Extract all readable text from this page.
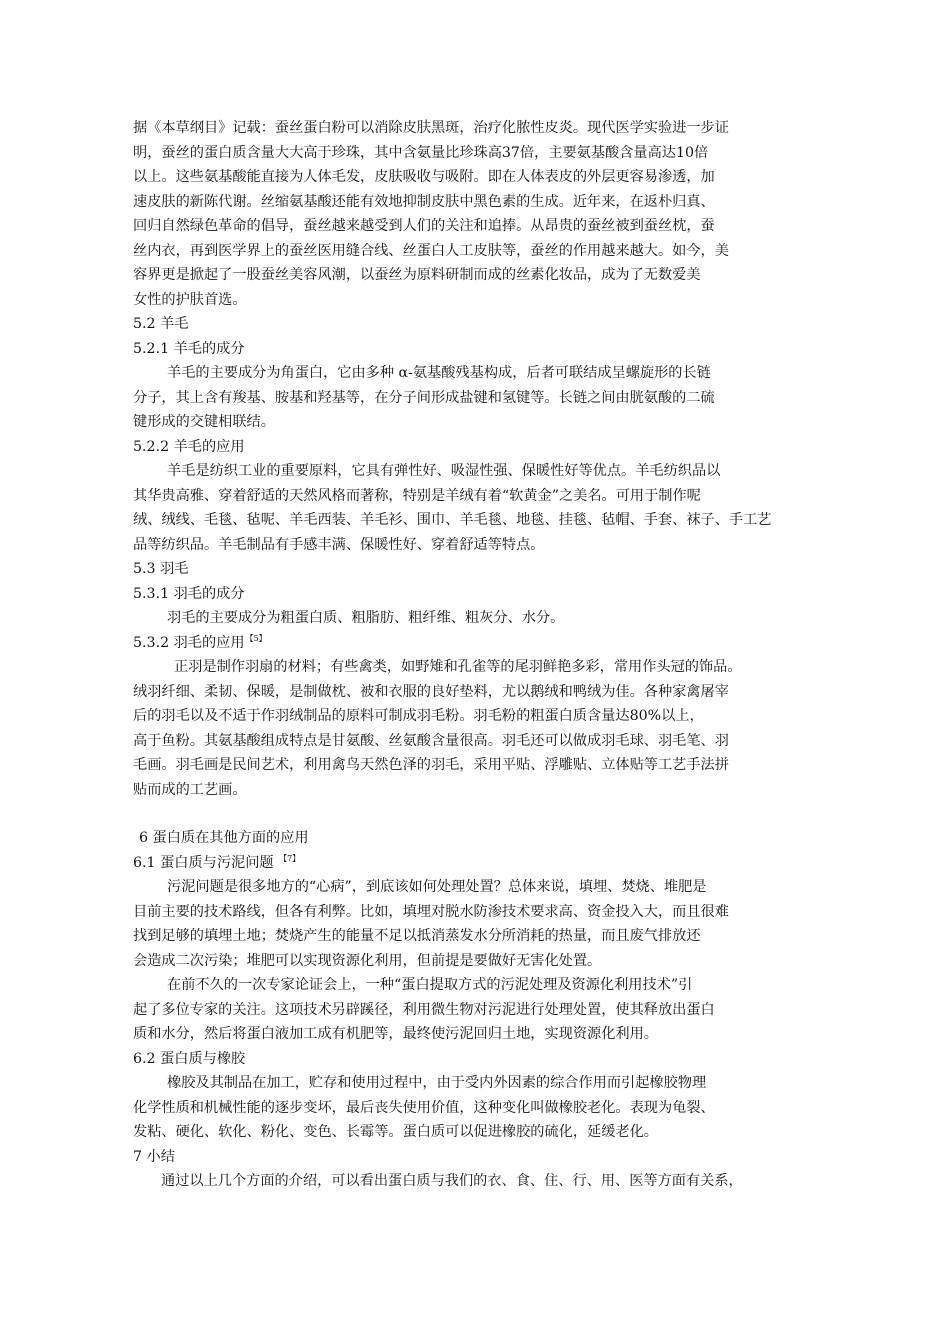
据《本草纲目》记载：蚕丝蛋白粉可以消除皮肤黑斑，治疗化脓性皮炎。现代医学实验进一步证
明，蚕丝的蛋白质含量大大高于珍珠，其中含氨量比珍珠高37倍，主要氨基酸含量高达10倍
以上。这些氨基酸能直接为人体毛发，皮肤吸收与吸附。即在人体表皮的外层更容易渗透，加
速皮肤的新陈代谢。丝缩氨基酸还能有效地抑制皮肤中黑色素的生成。近年来，在返朴归真、
回归自然绿色革命的倡导，蚕丝越来越受到人们的关注和追捧。从昂贵的蚕丝被到蚕丝枕，蚕
丝内衣，再到医学界上的蚕丝医用缝合线、丝蛋白人工皮肤等，蚕丝的作用越来越大。如今，美
容界更是掀起了一股蚕丝美容风潮，以蚕丝为原料研制而成的丝素化妆品，成为了无数爱美
女性的护肤首选。
5.2 羊毛
5.2.1 羊毛的成分
羊毛的主要成分为角蛋白，它由多种 α-氨基酸残基构成，后者可联结成呈螺旋形的长链
分子，其上含有羧基、胺基和羟基等，在分子间形成盐键和氢键等。长链之间由胱氨酸的二硫
键形成的交键相联结。
5.2.2 羊毛的应用
羊毛是纺织工业的重要原料，它具有弹性好、吸湿性强、保暖性好等优点。羊毛纺织品以
其华贵高雅、穿着舒适的天然风格而著称，特别是羊绒有着“软黄金”之美名。可用于制作呢
绒、绒线、毛毯、毡呢、羊毛西装、羊毛衫、围巾、羊毛毯、地毯、挂毯、毡帽、手套、袜子、手工艺
品等纺织品。羊毛制品有手感丰满、保暖性好、穿着舒适等特点。
5.3 羽毛
5.3.1 羽毛的成分
羽毛的主要成分为粗蛋白质、粗脂肪、粗纤维、粗灰分、水分。
5.3.2 羽毛的应用$^{【5】}$
正羽是制作羽扇的材料；有些禽类，如野雉和孔雀等的尾羽鲜艳多彩，常用作头冠的饰品。
绒羽纤细、柔韧、保暖，是制做枕、被和衣服的良好垫料，尤以鹅绒和鸭绒为佳。各种家禽屠宰
后的羽毛以及不适于作羽绒制品的原料可制成羽毛粉。羽毛粉的粗蛋白质含量达80%以上，
高于鱼粉。其氨基酸组成特点是甘氨酸、丝氨酸含量很高。羽毛还可以做成羽毛球、羽毛笔、羽
毛画。羽毛画是民间艺术，利用禽鸟天然色泽的羽毛，采用平贴、浮雕贴、立体贴等工艺手法拼
贴而成的工艺画。
6 蛋白质在其他方面的应用
6.1 蛋白质与污泥问题 $^{【7】}$
污泥问题是很多地方的“心病”，到底该如何处理处置？总体来说，填埋、焚烧、堆肥是
目前主要的技术路线，但各有利弊。比如，填埋对脱水防渗技术要求高、资金投入大，而且很难
找到足够的填埋土地；焚烧产生的能量不足以抵消蒸发水分所消耗的热量，而且废气排放还
会造成二次污染；堆肥可以实现资源化利用，但前提是要做好无害化处置。
在前不久的一次专家论证会上，一种“蛋白提取方式的污泥处理及资源化利用技术”引
起了多位专家的关注。这项技术另辟蹊径，利用微生物对污泥进行处理处置，使其释放出蛋白
质和水分，然后将蛋白液加工成有机肥等，最终使污泥回归土地，实现资源化利用。
6.2 蛋白质与橡胶
橡胶及其制品在加工，贮存和使用过程中，由于受内外因素的综合作用而引起橡胶物理
化学性质和机械性能的逐步变坏，最后丧失使用价值，这种变化叫做橡胶老化。表现为龟裂、
发粘、硬化、软化、粉化、变色、长霉等。蛋白质可以促进橡胶的硫化，延缓老化。
7 小结
通过以上几个方面的介绍，可以看出蛋白质与我们的衣、食、住、行、用、医等方面有关系，
